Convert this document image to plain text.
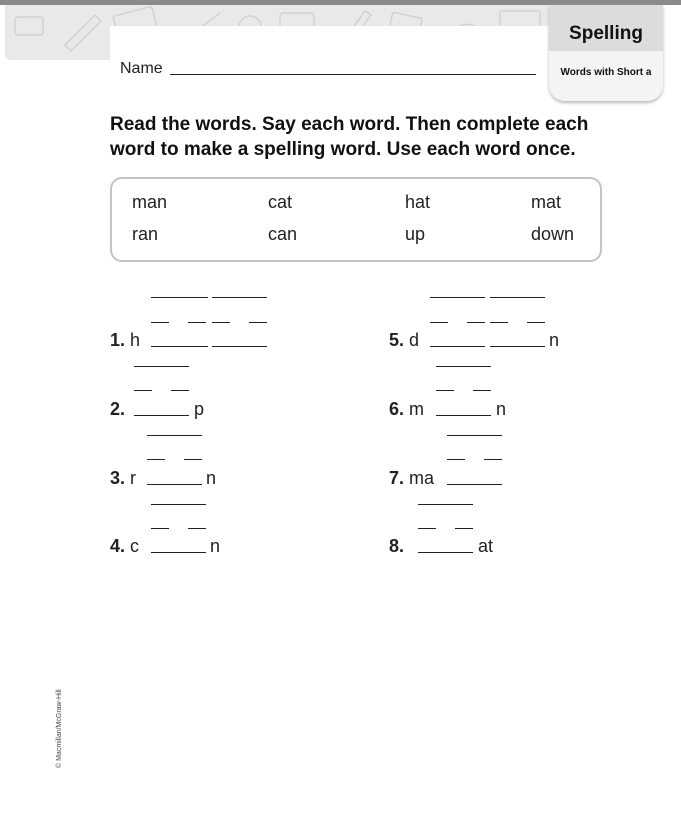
Name
Spelling
Words with Short a
Read the words. Say each word. Then complete each word to make a spelling word. Use each word once.
man	cat	hat	mat
ran	can	up	down
1. h
2.	p
3. r	n
4. c	n
5. d	n
6. m	n
7. ma
8.	at
© Macmillan/McGraw-Hill
